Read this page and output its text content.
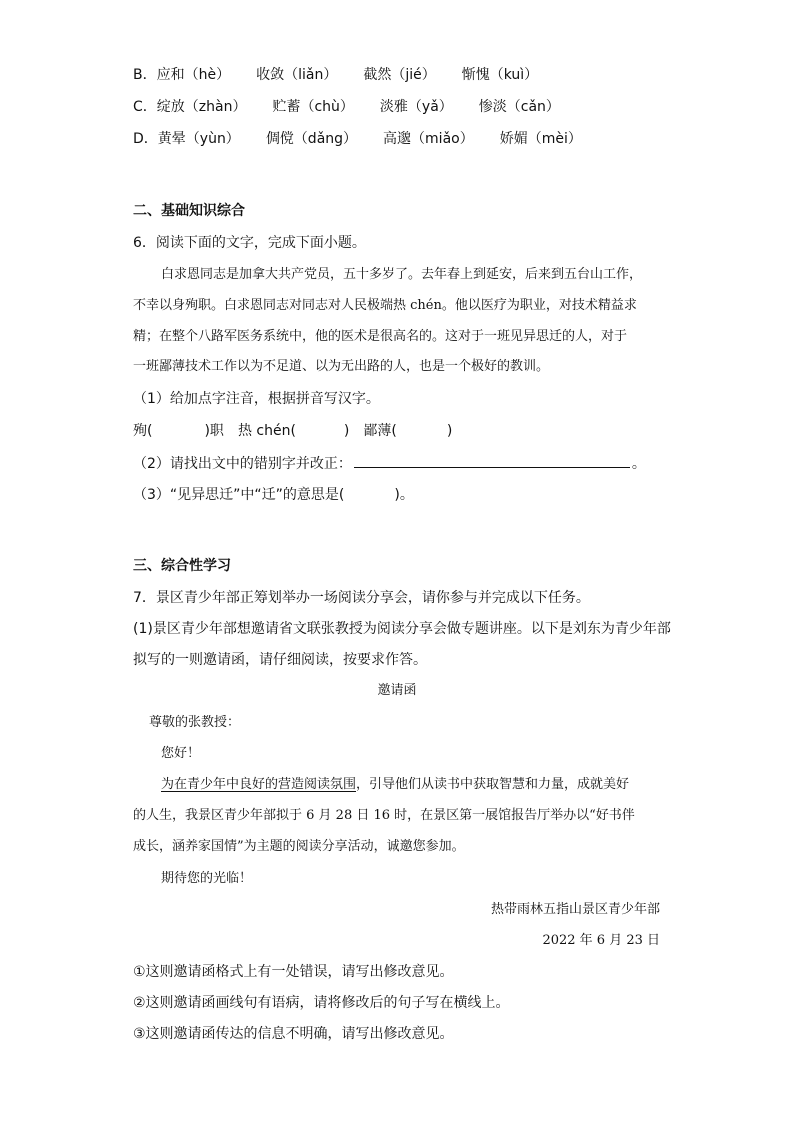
B．应和（hè） 收敛（liǎn） 截然（jié） 惭愧（kuì）
C．绽放（zhàn） 贮蓄（chù） 淡雅（yǎ） 惨淡（cǎn）
D．黄晕（yùn） 倜傥（dǎng） 高邈（miǎo） 娇媚（mèi）
二、基础知识综合
6．阅读下面的文字，完成下面小题。
白求恩同志是加拿大共产党员，五十多岁了。去年春上到延安，后来到五台山工作，
不幸以身殉职。白求恩同志对同志对人民极端热 chén。他以医疗为职业，对技术精益求
精；在整个八路军医务系统中，他的医术是很高名的。这对于一班见异思迁的人，对于
一班鄙薄技术工作以为不足道、以为无出路的人，也是一个极好的教训。
（1）给加点字注音，根据拼音写汉字。
殉(	)职 热 chén(	) 鄙薄(	)
（2）请找出文中的错别字并改正：	。
（3）“见异思迁”中“迁”的意思是(	)。
三、综合性学习
7．景区青少年部正筹划举办一场阅读分享会，请你参与并完成以下任务。
(1)景区青少年部想邀请省文联张教授为阅读分享会做专题讲座。以下是刘东为青少年部
拟写的一则邀请函，请仔细阅读，按要求作答。
邀请函
尊敬的张教授：
您好！
为在青少年中良好的营造阅读氛围，引导他们从读书中获取智慧和力量，成就美好
的人生，我景区青少年部拟于 6 月 28 日 16 时，在景区第一展馆报告厅举办以“好书伴
成长，涵养家国情”为主题的阅读分享活动，诚邀您参加。
期待您的光临！
热带雨林五指山景区青少年部
2022 年 6 月 23 日
①这则邀请函格式上有一处错误，请写出修改意见。
②这则邀请函画线句有语病，请将修改后的句子写在横线上。
③这则邀请函传达的信息不明确，请写出修改意见。
